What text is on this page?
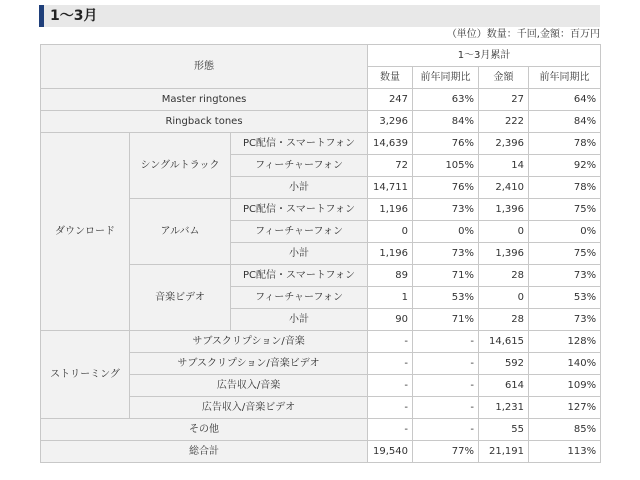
1〜3月
（単位）数量：千回,金額：百万円
形態			1〜3月累計			
			数量	前年同期比	金額	前年同期比
Master ringtones			247	63%	27	64%
Ringback tones			3,296	84%	222	84%
ダウンロード	シングルトラック	PC配信・スマートフォン	14,639	76%	2,396	78%
		フィーチャーフォン	72	105%	14	92%
		小計	14,711	76%	2,410	78%
	アルバム	PC配信・スマートフォン	1,196	73%	1,396	75%
		フィーチャーフォン	0	0%	0	0%
		小計	1,196	73%	1,396	75%
	音楽ビデオ	PC配信・スマートフォン	89	71%	28	73%
		フィーチャーフォン	1	53%	0	53%
		小計	90	71%	28	73%
ストリーミング	サブスクリプション/音楽		-	-	14,615	128%
	サブスクリプション/音楽ビデオ		-	-	592	140%
	広告収入/音楽		-	-	614	109%
	広告収入/音楽ビデオ		-	-	1,231	127%
その他			-	-	55	85%
総合計			19,540	77%	21,191	113%
